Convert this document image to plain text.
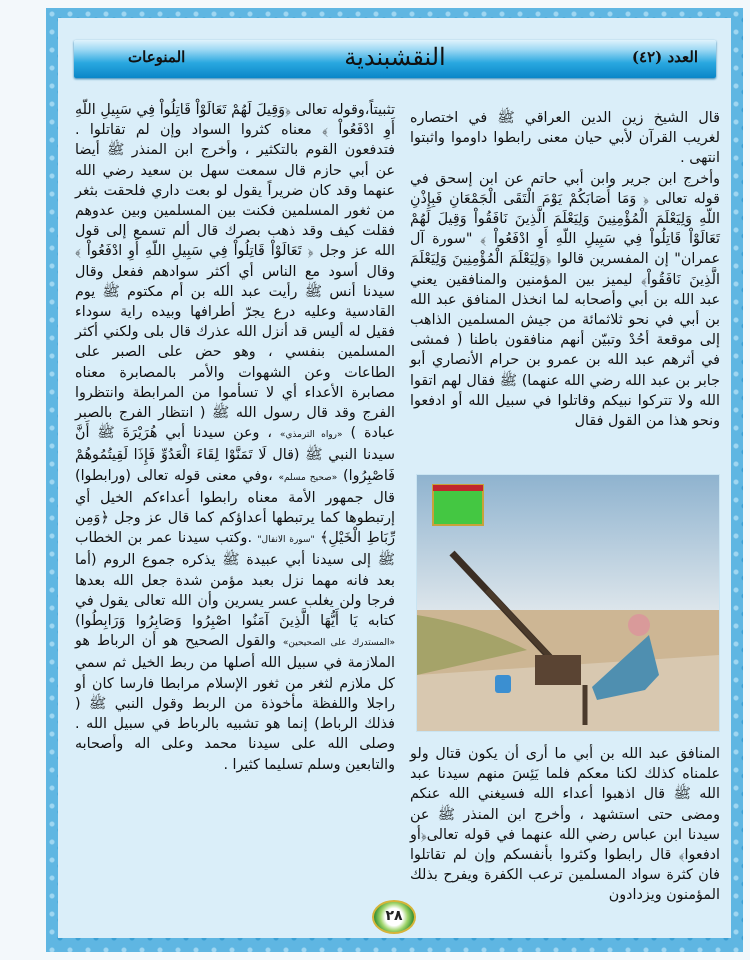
المنوعات	النقشبندية	العدد (٤٢)

قال الشيخ زين الدين العراقي ﷺ في اختصاره لغريب القرآن لأبي حيان معنى رابطوا داوموا واثبتوا انتهى .

وأخرج ابن جرير وابن أبي حاتم عن ابن إسحق في قوله تعالى ﴿ وَمَا أَصَابَكُمْ يَوْمَ الْتَقَى الْجَمْعَانِ فَبِإِذْنِ اللّهِ وَلِيَعْلَمَ الْمُؤْمِنِينَ وَلِيَعْلَمَ الَّذِينَ نَافَقُواْ وَقِيلَ لَهُمْ تَعَالَوْاْ قَاتِلُواْ فِي سَبِيلِ اللّهِ أَوِ ادْفَعُواْ ﴾ "سورة آل عمران" إن المفسرين قالوا ﴿وَلِيَعْلَمَ الْمُؤْمِنِينَ وَلِيَعْلَمَ الَّذِينَ نَافَقُواْ﴾ ليميز بين المؤمنين والمنافقين يعني عبد الله بن أبي وأصحابه لما انخذل المنافق عبد الله بن أبي في نحو ثلاثمائة من جيش المسلمين الذاهب إلى موقعة أحُدْ وتبيّن أنهم منافقون باطنا ( فمشى في أثرهم عبد الله بن عمرو بن حرام الأنصاري أبو جابر بن عبد الله رضي الله عنهما) ﷺ فقال لهم اتقوا الله ولا تتركوا نبيكم وقاتلوا في سبيل الله أو ادفعوا ونحو هذا من القول فقال

المنافق عبد الله بن أبي ما أرى أن يكون قتال ولو علمناه كذلك لكنا معكم فلما يَئِسَ منهم سيدنا عبد الله ﷺ قال اذهبوا أعداء الله فسيغني الله عنكم ومضى حتى استشهد ، وأخرج ابن المنذر ﷺ عن سيدنا ابن عباس رضي الله عنهما في قوله تعالى﴿أو ادفعوا﴾ قال رابطوا وكثروا بأنفسكم وإن لم تقاتلوا فان كثرة سواد المسلمين ترعب الكفرة ويفرح بذلك المؤمنون ويزدادون

تثبيتاً،وقوله تعالى ﴿وَقِيلَ لَهُمْ تَعَالَوْاْ قَاتِلُواْ فِي سَبِيلِ اللّهِ أَوِ ادْفَعُواْ ﴾ معناه كثروا السواد وإن لم تقاتلوا . فتدفعون القوم بالتكثير ، وأخرج ابن المنذر ﷺ أيضا عن أبي حازم قال سمعت سهل بن سعيد رضي الله عنهما وقد كان ضريراً يقول لو بعت داري فلحقت بثغر من ثغور المسلمين فكنت بين المسلمين وبين عدوهم فقلت كيف وقد ذهب بصرك قال ألم تسمع إلى قول الله عز وجل ﴿ تَعَالَوْاْ قَاتِلُواْ فِي سَبِيلِ اللّهِ أَوِ ادْفَعُواْ ﴾ وقال أسود مع الناس أي أكثر سوادهم ففعل وقال سيدنا أنس ﷺ رأيت عبد الله بن أم مكتوم ﷺ يوم القادسية وعليه درع يجرّ أطرافها وبيده راية سوداء فقيل له أليس قد أنزل الله عذرك قال بلى ولكني أكثر المسلمين بنفسي ، وهو حض على الصبر على الطاعات وعن الشهوات والأمر بالمصابرة معناه مصابرة الأعداء أي لا تسأموا من المرابطة وانتظروا الفرج وقد قال رسول الله ﷺ ( انتظار الفرج بالصبر عبادة ) «رواه الترمذي» ، وعن سيدنا أبي هُرَيْرَةَ ﷺ أَنَّ سيدنا النبي ﷺ (قال لَا تَمَنَّوْا لِقَاءَ الْعَدُوِّ فَإِذَا لَقِيتُمُوهُمْ فَاصْبِرُوا) «صحيح مسلم» ،وفي معنى قوله تعالى (ورابطوا) قال جمهور الأمة معناه رابطوا أعداءكم الخيل أي إرتبطوها كما يرتبطها أعداؤكم كما قال عز وجل ﴿وَمِن رِّبَاطِ الْخَيْلِ﴾ "سورة الانفال" .وكتب سيدنا عمر بن الخطاب ﷺ إلى سيدنا أبي عبيدة ﷺ يذكره جموع الروم (أما بعد فانه مهما نزل بعبد مؤمن شدة جعل الله بعدها فرجا ولن يغلب عسر يسرين وأن الله تعالى يقول في كتابه يَا أَيُّهَا الَّذِينَ آمَنُوا اصْبِرُوا وَصَابِرُوا وَرَابِطُوا) «المستدرك على الصحيحين» والقول الصحيح هو أن الرباط هو الملازمة في سبيل الله أصلها من ربط الخيل ثم سمي كل ملازم لثغر من ثغور الإسلام مرابطا فارسا كان أو راجلا واللفظة مأخوذة من الربط وقول النبي ﷺ ( فذلك الرباط) إنما هو تشبيه بالرباط في سبيل الله . وصلى الله على سيدنا محمد وعلى اله وأصحابه والتابعين وسلم تسليما كثيرا .

٢٨
